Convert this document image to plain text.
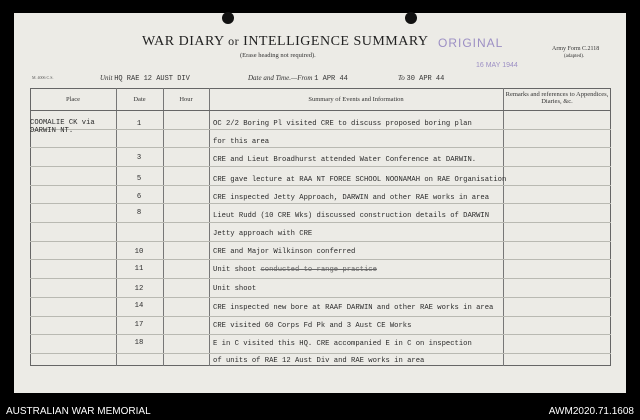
WAR DIARY or INTELLIGENCE SUMMARY
(Erase heading not required).
ORIGINAL
16 MAY 1944
Army Form C.2118
(adapted).
M. 4006 C.S.	Unit HQ RAE 12 AUST DIV	Date and Time.—From 1 APR 44	To 30 APR 44
Place	Date	Hour	Summary of Events and Information
Remarks and references to Appendices, Diaries, &c.
COOMALIE CK via
DARWIN NT.
1	OC 2/2 Boring Pl visited CRE to discuss proposed boring plan
for this area
3	CRE and Lieut Broadhurst attended Water Conference at DARWIN.
5	CRE gave lecture at RAA NT FORCE SCHOOL NOONAMAH on RAE Organisation
6	CRE inspected Jetty Approach, DARWIN and other RAE works in area
8	Lieut Rudd (10 CRE Wks) discussed construction details of DARWIN
Jetty approach with CRE
10	CRE and Major Wilkinson conferred
11	Unit shoot conducted to range practice
12	Unit shoot
14	CRE inspected new bore at RAAF DARWIN and other RAE works in area
17	CRE visited 60 Corps Fd Pk and 3 Aust CE Works
18	E in C visited this HQ. CRE accompanied E in C on inspection
of units of RAE 12 Aust Div and RAE works in area
AUSTRALIAN WAR MEMORIAL	AWM2020.71.1608
